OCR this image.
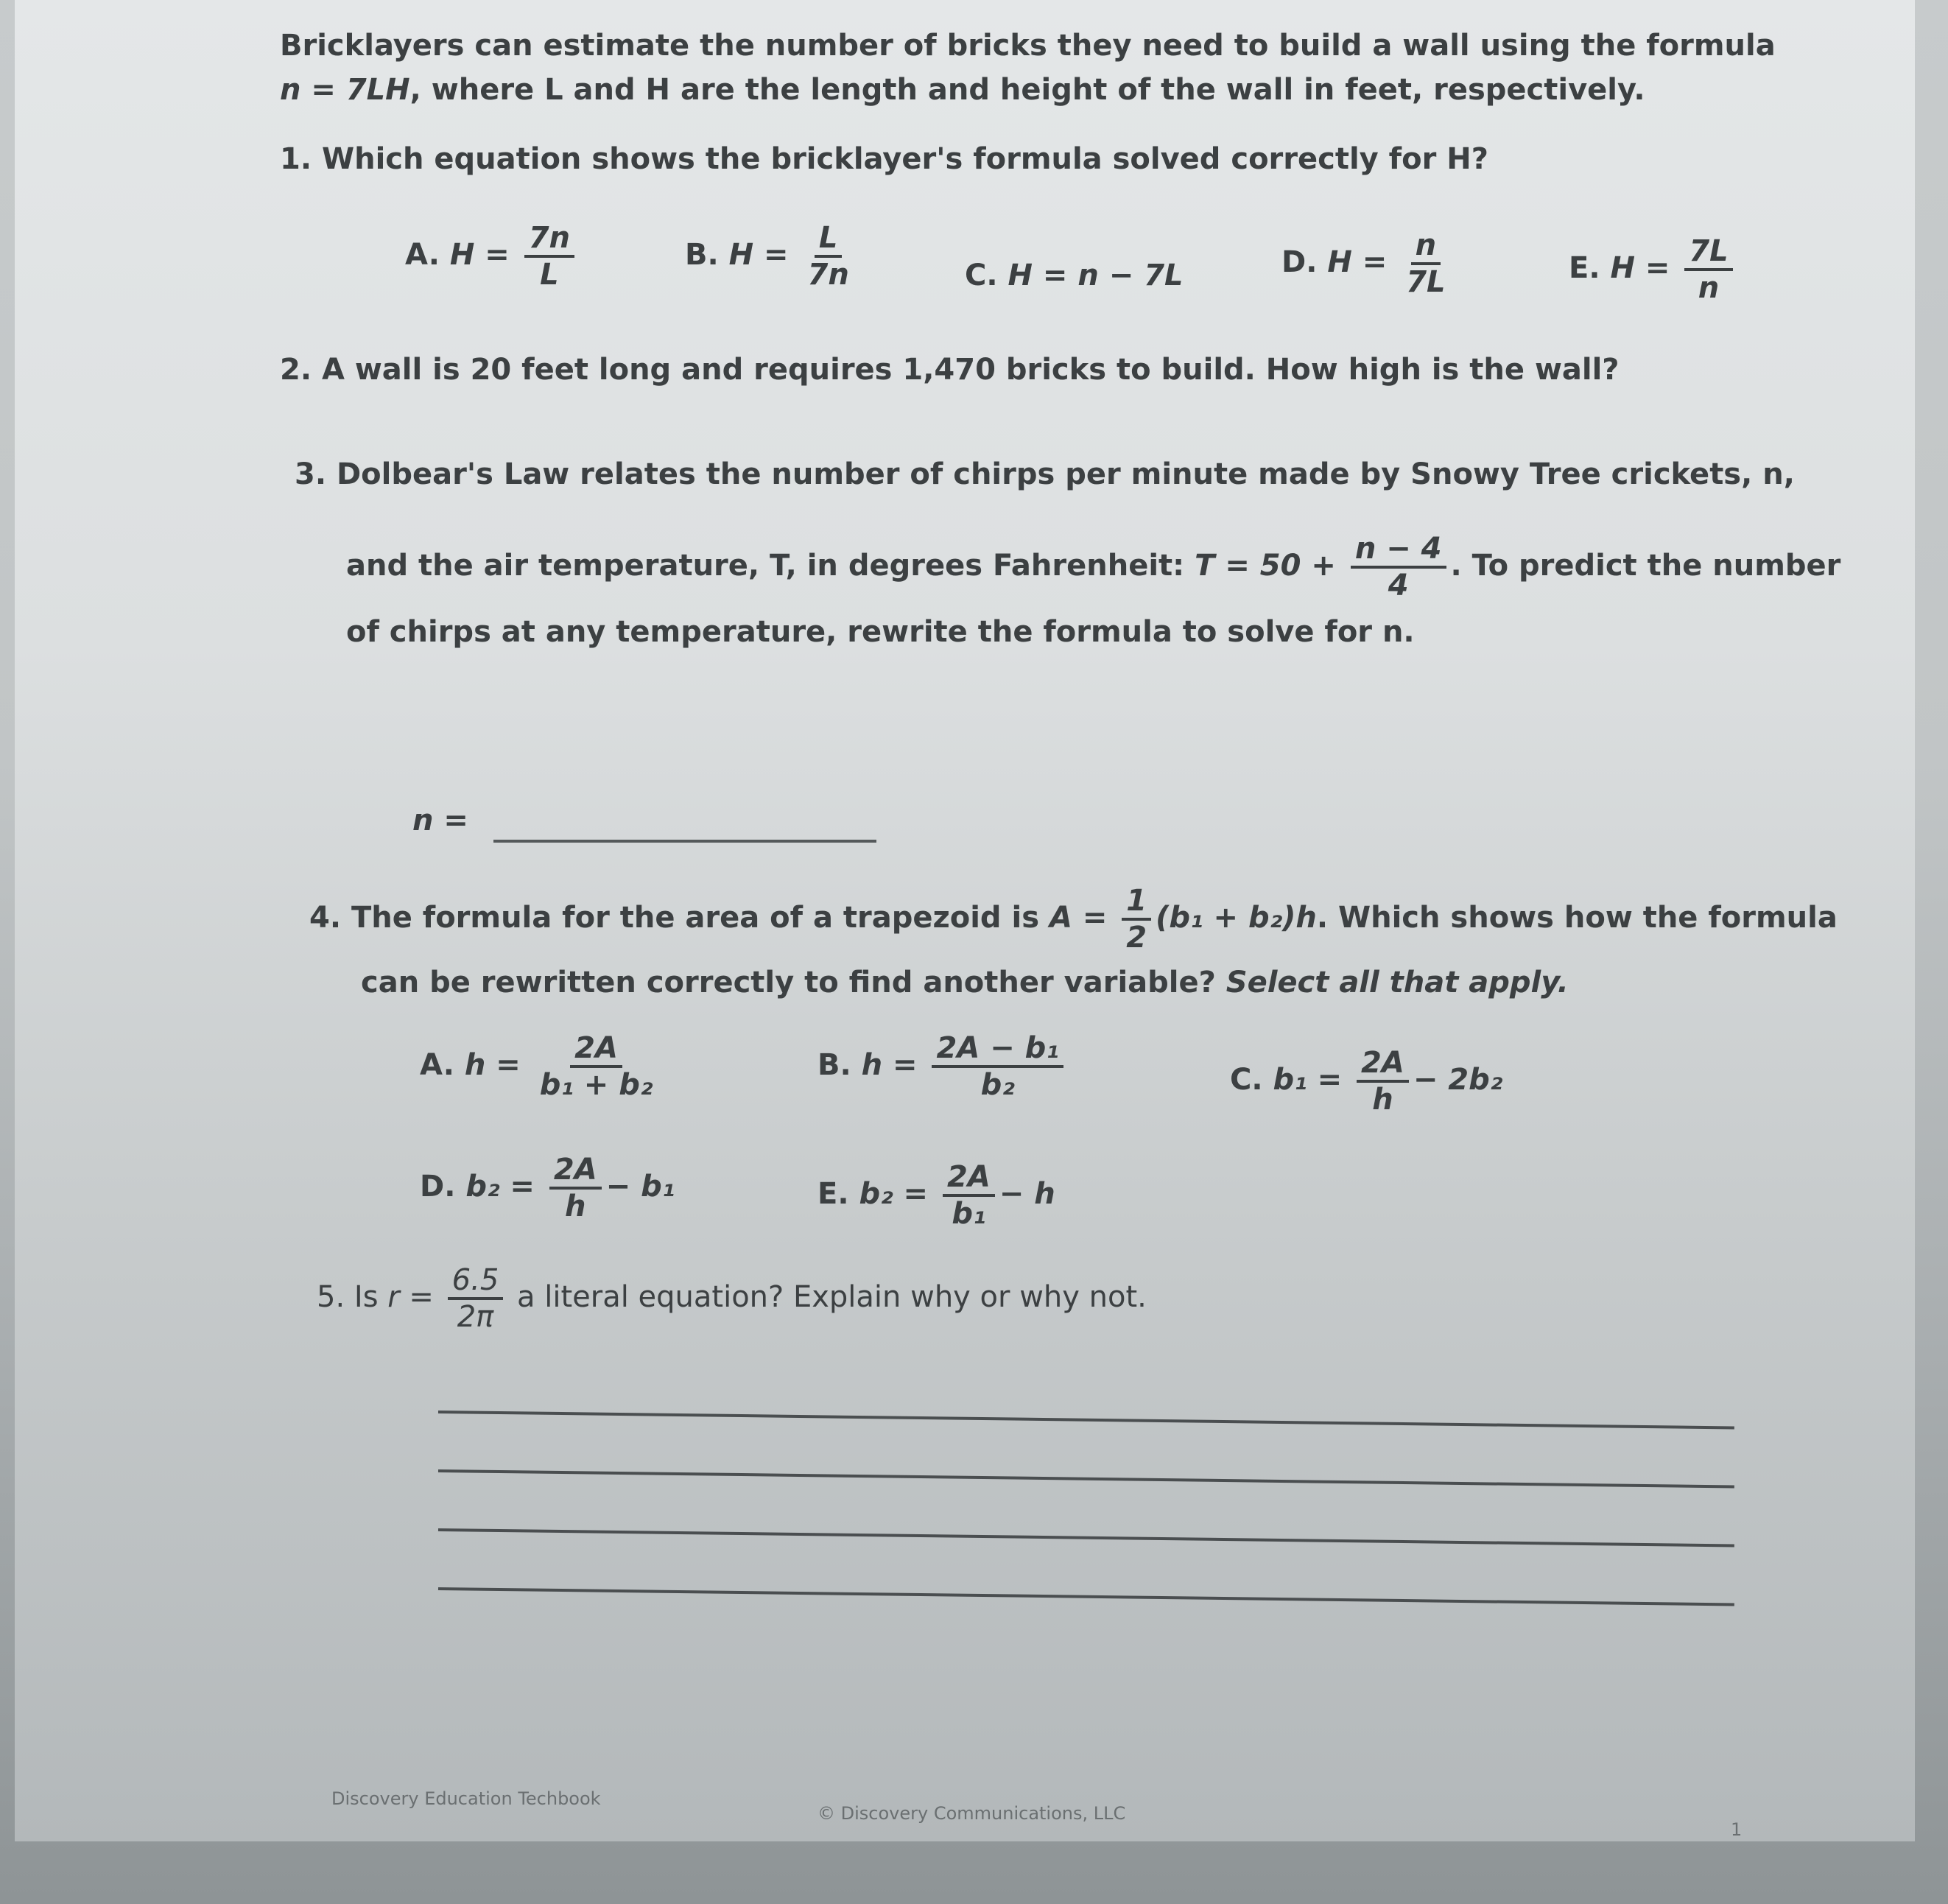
Bricklayers can estimate the number of bricks they need to build a wall using the formula
n = 7LH, where L and H are the length and height of the wall in feet, respectively.
1. Which equation shows the bricklayer's formula solved correctly for H?
A. $H = \frac{7n}{L}$	B. $H = \frac{L}{7n}$	C. H = n − 7L	D. $H = \frac{n}{7L}$	E. $H = \frac{7L}{n}$
2. A wall is 20 feet long and requires 1,470 bricks to build. How high is the wall?
3. Dolbear's Law relates the number of chirps per minute made by Snowy Tree crickets, n,
and the air temperature, T, in degrees Fahrenheit: $T = 50 + \frac{n - 4}{4}$ . To predict the number
of chirps at any temperature, rewrite the formula to solve for n.
n =
4. The formula for the area of a trapezoid is $A = \frac{1}{2} (b_1 + b_2)h$. Which shows how the formula
can be rewritten correctly to find another variable? Select all that apply.
A. $h = \frac{2A}{\text{b₁ + b₂}}$	B. $h = \frac{\text{2A − b₁}}{\text{b₂}}$	C. $b_1 = \frac{2A}{h} - 2b_2$
D. $b_2 = \frac{2A}{h} - b_1$	E. $b_2 = \frac{2A}{\text{b₁}} - h$
5. Is $r = \frac{6.5}{2\pi}$ a literal equation? Explain why or why not.
Discovery Education Techbook
© Discovery Communications, LLC
1
